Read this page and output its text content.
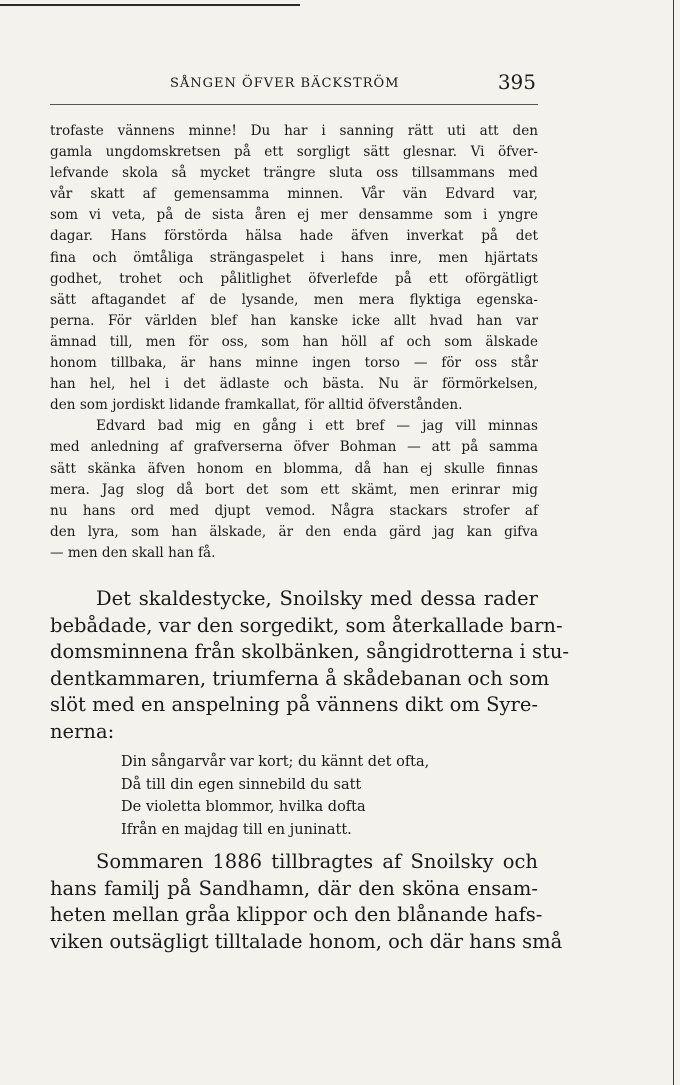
SÅNGEN ÖFVER BÄCKSTRÖM	395
trofaste vännens minne! Du har i sanning rätt uti att den
gamla ungdomskretsen på ett sorgligt sätt glesnar. Vi öfver-
lefvande skola så mycket trängre sluta oss tillsammans med
vår skatt af gemensamma minnen. Vår vän Edvard var,
som vi veta, på de sista åren ej mer densamme som i yngre
dagar. Hans förstörda hälsa hade äfven inverkat på det
fina och ömtåliga strängaspelet i hans inre, men hjärtats
godhet, trohet och pålitlighet öfverlefde på ett oförgätligt
sätt aftagandet af de lysande, men mera flyktiga egenska-
perna. För världen blef han kanske icke allt hvad han var
ämnad till, men för oss, som han höll af och som älskade
honom tillbaka, är hans minne ingen torso — för oss står
han hel, hel i det ädlaste och bästa. Nu är förmörkelsen,
den som jordiskt lidande framkallat, för alltid öfverstånden.
Edvard bad mig en gång i ett bref — jag vill minnas
med anledning af grafverserna öfver Bohman — att på samma
sätt skänka äfven honom en blomma, då han ej skulle finnas
mera. Jag slog då bort det som ett skämt, men erinrar mig
nu hans ord med djupt vemod. Några stackars strofer af
den lyra, som han älskade, är den enda gärd jag kan gifva
— men den skall han få.
Det skaldestycke, Snoilsky med dessa rader
bebådade, var den sorgedikt, som återkallade barn-
domsminnena från skolbänken, sångidrotterna i stu-
dentkammaren, triumferna å skådebanan och som
slöt med en anspelning på vännens dikt om Syre-
nerna:
Din sångarvår var kort; du kännt det ofta,
Då till din egen sinnebild du satt
De violetta blommor, hvilka dofta
Ifrån en majdag till en juninatt.
Sommaren 1886 tillbragtes af Snoilsky och
hans familj på Sandhamn, där den sköna ensam-
heten mellan gråa klippor och den blånande hafs-
viken outsägligt tilltalade honom, och där hans små
